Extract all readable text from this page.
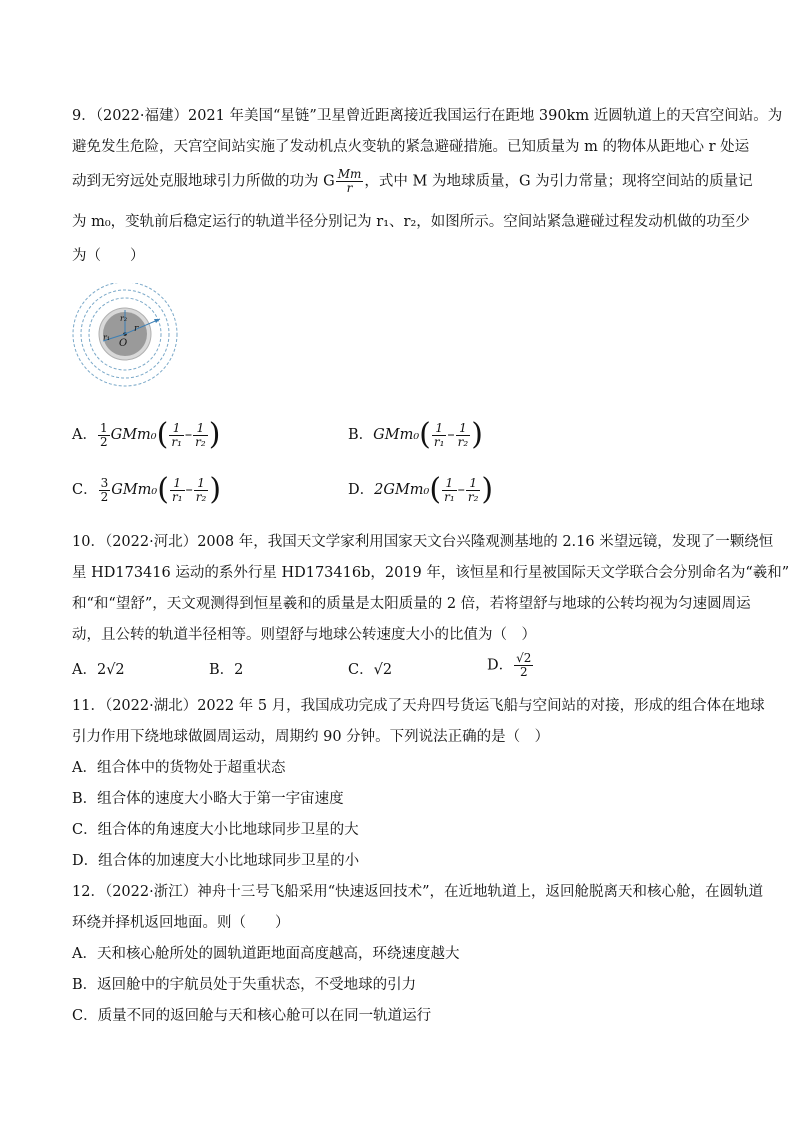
9．（2022·福建）2021 年美国“星链”卫星曾近距离接近我国运行在距地 390km 近圆轨道上的天宫空间站。为
避免发生危险，天宫空间站实施了发动机点火变轨的紧急避碰措施。已知质量为 m 的物体从距地心 r 处运
动到无穷远处克服地球引力所做的功为 G $\frac{Mm}{r}$ ，式中 M 为地球质量，G 为引力常量；现将空间站的质量记
为 m₀，变轨前后稳定运行的轨道半径分别记为 r₁、r₂，如图所示。空间站紧急避碰过程发动机做的功至少
为（　　）
O
r₁
r₂
r
A． $\frac{1}{2} GMm_0( \frac{1}{\text{r₁}} - \frac{1}{\text{r₂}}$ )	B．$GMm_0( \frac{1}{\text{r₁}} - \frac{1}{\text{r₂}}$ )
C． $\frac{3}{2} GMm_0( \frac{1}{\text{r₁}} - \frac{1}{\text{r₂}}$ )	D．$2GMm_0( \frac{1}{\text{r₁}} - \frac{1}{\text{r₂}}$ )
10．（2022·河北）2008 年，我国天文学家利用国家天文台兴隆观测基地的 2.16 米望远镜，发现了一颗绕恒
星 HD173416 运动的系外行星 HD173416b，2019 年，该恒星和行星被国际天文学联合会分别命名为“羲和”
和“和“望舒”，天文观测得到恒星羲和的质量是太阳质量的 2 倍，若将望舒与地球的公转均视为匀速圆周运
动，且公转的轨道半径相等。则望舒与地球公转速度大小的比值为（　）
A．2√2	B．2	C．√2	D． $\frac{√2}{2}$
11．（2022·湖北）2022 年 5 月，我国成功完成了天舟四号货运飞船与空间站的对接，形成的组合体在地球
引力作用下绕地球做圆周运动，周期约 90 分钟。下列说法正确的是（　）
A．组合体中的货物处于超重状态
B．组合体的速度大小略大于第一宇宙速度
C．组合体的角速度大小比地球同步卫星的大
D．组合体的加速度大小比地球同步卫星的小
12．（2022·浙江）神舟十三号飞船采用“快速返回技术”，在近地轨道上，返回舱脱离天和核心舱，在圆轨道
环绕并择机返回地面。则（　　）
A．天和核心舱所处的圆轨道距地面高度越高，环绕速度越大
B．返回舱中的宇航员处于失重状态，不受地球的引力
C．质量不同的返回舱与天和核心舱可以在同一轨道运行
